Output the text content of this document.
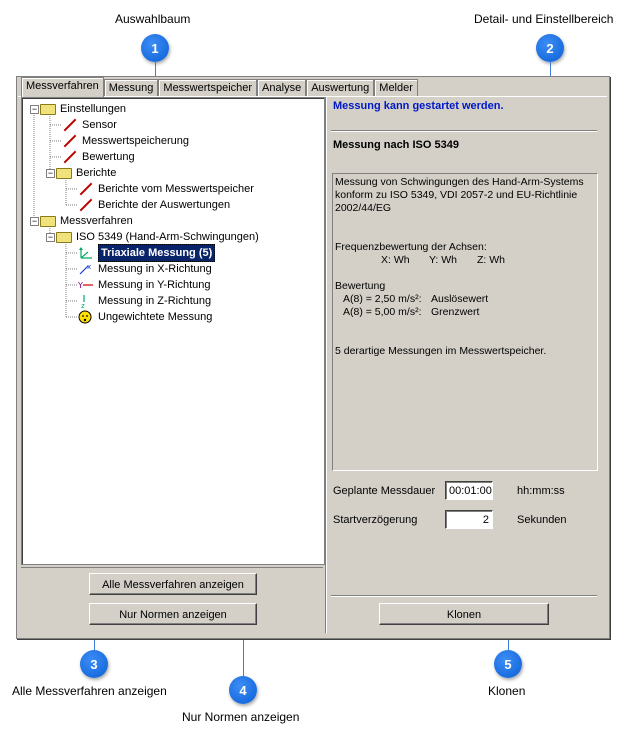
Auswahlbaum	Detail- und Einstellbereich
1	2
3
Alle Messverfahren anzeigen	4
Nur Normen anzeigen
5
Klonen
Messverfahren Messung Messwertspeicher Analyse Auswertung Melder
− Einstellungen
Sensor
Messwertspeicherung
Bewertung
− Berichte
Berichte vom Messwertspeicher
Berichte der Auswertungen
− Messverfahren
− ISO 5349 (Hand-Arm-Schwingungen)
Triaxiale Messung (5)
x Messung in X-Richtung
Y Messung in Y-Richtung
z Messung in Z-Richtung
Ungewichtete Messung
Alle Messverfahren anzeigen
Nur Normen anzeigen
Messung kann gestartet werden.
Messung nach ISO 5349
Messung von Schwingungen des Hand-Arm-Systems
konform zu ISO 5349, VDI 2057-2 und EU-Richtlinie
2002/44/EG
Frequenzbewertung der Achsen:
X: Wh Y: Wh Z: Wh
Bewertung
A(8) = 2,50 m/s²: Auslösewert
A(8) = 5,00 m/s²: Grenzwert
5 derartige Messungen im Messwertspeicher.
Geplante Messdauer	00:01:00 hh:mm:ss
Startverzögerung	2	Sekunden
Klonen
